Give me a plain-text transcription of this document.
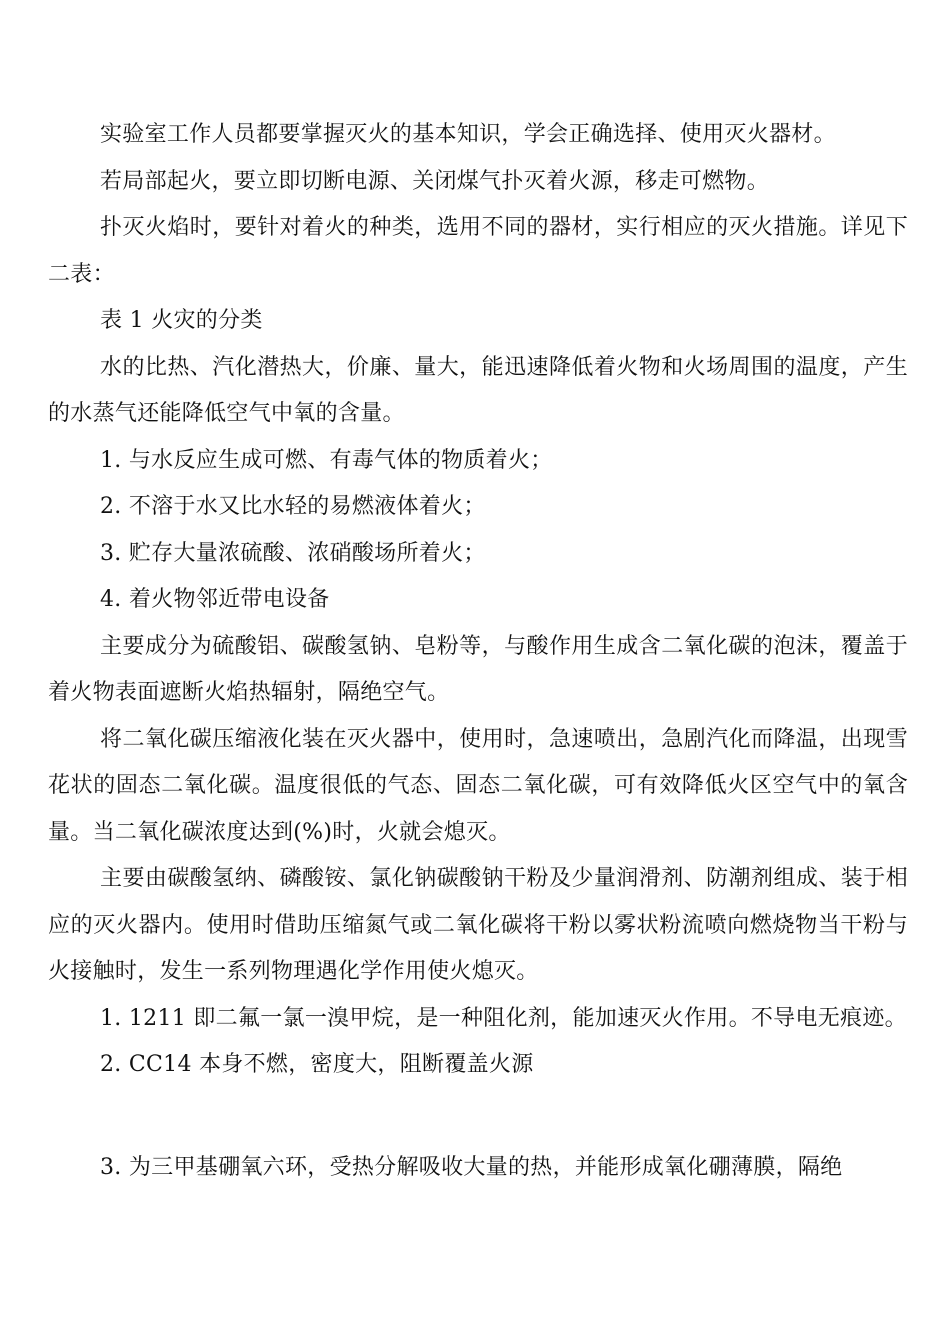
实验室工作人员都要掌握灭火的基本知识，学会正确选择、使用灭火器材。

若局部起火，要立即切断电源、关闭煤气扑灭着火源，移走可燃物。

扑灭火焰时，要针对着火的种类，选用不同的器材，实行相应的灭火措施。详见下二表：

表 1 火灾的分类

水的比热、汽化潜热大，价廉、量大，能迅速降低着火物和火场周围的温度，产生的水蒸气还能降低空气中氧的含量。

1. 与水反应生成可燃、有毒气体的物质着火；

2. 不溶于水又比水轻的易燃液体着火；

3. 贮存大量浓硫酸、浓硝酸场所着火；

4. 着火物邻近带电设备

主要成分为硫酸铝、碳酸氢钠、皂粉等，与酸作用生成含二氧化碳的泡沫，覆盖于着火物表面遮断火焰热辐射，隔绝空气。

将二氧化碳压缩液化装在灭火器中，使用时，急速喷出，急剧汽化而降温，出现雪花状的固态二氧化碳。温度很低的气态、固态二氧化碳，可有效降低火区空气中的氧含量。当二氧化碳浓度达到(%)时，火就会熄灭。

主要由碳酸氢纳、磷酸铵、氯化钠碳酸钠干粉及少量润滑剂、防潮剂组成、装于相应的灭火器内。使用时借助压缩氮气或二氧化碳将干粉以雾状粉流喷向燃烧物当干粉与火接触时，发生一系列物理遇化学作用使火熄灭。

1. 1211 即二氟一氯一溴甲烷，是一种阻化剂，能加速灭火作用。不导电无痕迹。

2. CC14 本身不燃，密度大，阻断覆盖火源

3. 为三甲基硼氧六环，受热分解吸收大量的热，并能形成氧化硼薄膜，隔绝
